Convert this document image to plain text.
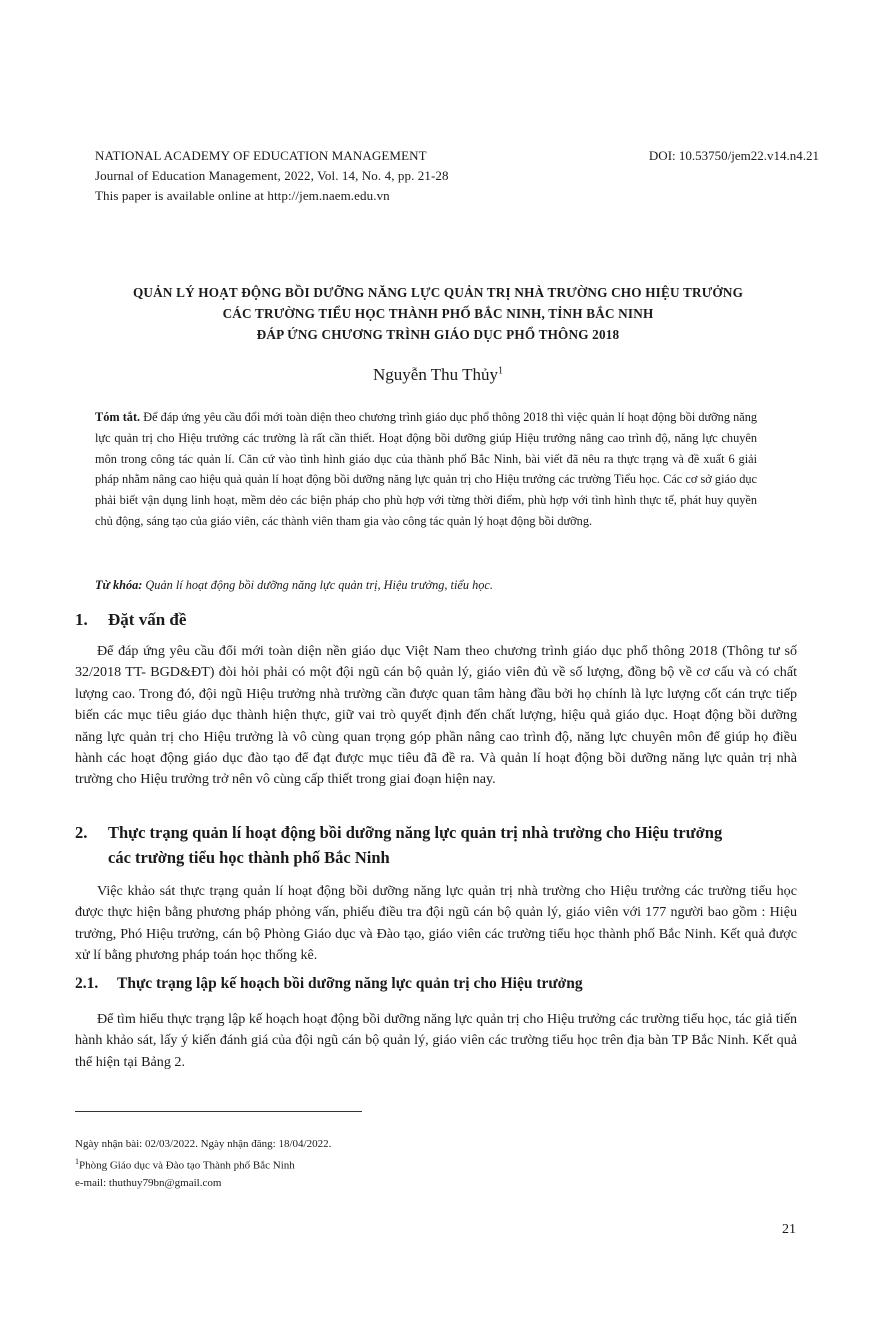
NATIONAL ACADEMY OF EDUCATION MANAGEMENT
Journal of Education Management, 2022, Vol. 14, No. 4, pp. 21-28
This paper is available online at http://jem.naem.edu.vn
DOI: 10.53750/jem22.v14.n4.21
QUẢN LÝ HOẠT ĐỘNG BỒI DƯỠNG NĂNG LỰC QUẢN TRỊ NHÀ TRƯỜNG CHO HIỆU TRƯỞNG
CÁC TRƯỜNG TIỂU HỌC THÀNH PHỐ BẮC NINH, TỈNH BẮC NINH
ĐÁP ỨNG CHƯƠNG TRÌNH GIÁO DỤC PHỔ THÔNG 2018
Nguyễn Thu Thủy$^1$
Tóm tắt. Để đáp ứng yêu cầu đổi mới toàn diện theo chương trình giáo dục phổ thông 2018 thì việc quản lí hoạt động bồi dưỡng năng lực quản trị cho Hiệu trưởng các trường là rất cần thiết. Hoạt động bồi dưỡng giúp Hiệu trưởng nâng cao trình độ, năng lực chuyên môn trong công tác quản lí. Căn cứ vào tình hình giáo dục của thành phố Bắc Ninh, bài viết đã nêu ra thực trạng và đề xuất 6 giải pháp nhằm nâng cao hiệu quả quản lí hoạt động bồi dưỡng năng lực quản trị cho Hiệu trưởng các trường Tiểu học. Các cơ sở giáo dục phải biết vận dụng linh hoạt, mềm dẻo các biện pháp cho phù hợp với từng thời điểm, phù hợp với tình hình thực tế, phát huy quyền chủ động, sáng tạo của giáo viên, các thành viên tham gia vào công tác quản lý hoạt động bồi dưỡng.
Từ khóa: Quản lí hoạt động bồi dưỡng năng lực quản trị, Hiệu trưởng, tiểu học.
1. Đặt vấn đề
Để đáp ứng yêu cầu đổi mới toàn diện nền giáo dục Việt Nam theo chương trình giáo dục phổ thông 2018 (Thông tư số 32/2018 TT- BGD&ĐT) đòi hỏi phải có một đội ngũ cán bộ quản lý, giáo viên đủ về số lượng, đồng bộ về cơ cấu và có chất lượng cao. Trong đó, đội ngũ Hiệu trưởng nhà trường cần được quan tâm hàng đầu bởi họ chính là lực lượng cốt cán trực tiếp biến các mục tiêu giáo dục thành hiện thực, giữ vai trò quyết định đến chất lượng, hiệu quả giáo dục. Hoạt động bồi dưỡng năng lực quản trị cho Hiệu trưởng là vô cùng quan trọng góp phần nâng cao trình độ, năng lực chuyên môn để giúp họ điều hành các hoạt động giáo dục đào tạo để đạt được mục tiêu đã đề ra. Và quản lí hoạt động bồi dưỡng năng lực quản trị nhà trường cho Hiệu trưởng trở nên vô cùng cấp thiết trong giai đoạn hiện nay.
2. Thực trạng quản lí hoạt động bồi dưỡng năng lực quản trị nhà trường cho Hiệu trưởng
các trường tiểu học thành phố Bắc Ninh
Việc khảo sát thực trạng quản lí hoạt động bồi dưỡng năng lực quản trị nhà trường cho Hiệu trưởng các trường tiểu học được thực hiện bằng phương pháp phỏng vấn, phiếu điều tra đội ngũ cán bộ quản lý, giáo viên với 177 người bao gồm : Hiệu trưởng, Phó Hiệu trưởng, cán bộ Phòng Giáo dục và Đào tạo, giáo viên các trường tiểu học thành phố Bắc Ninh. Kết quả được xử lí bằng phương pháp toán học thống kê.
2.1. Thực trạng lập kế hoạch bồi dưỡng năng lực quản trị cho Hiệu trưởng
Để tìm hiểu thực trạng lập kế hoạch hoạt động bồi dưỡng năng lực quản trị cho Hiệu trưởng các trường tiểu học, tác giả tiến hành khảo sát, lấy ý kiến đánh giá của đội ngũ cán bộ quản lý, giáo viên các trường tiểu học trên địa bàn TP Bắc Ninh. Kết quả thể hiện tại Bảng 2.
Ngày nhận bài: 02/03/2022. Ngày nhận đăng: 18/04/2022.
$^1$Phòng Giáo dục và Đào tạo Thành phố Bắc Ninh
e-mail: thuthuy79bn@gmail.com
21
